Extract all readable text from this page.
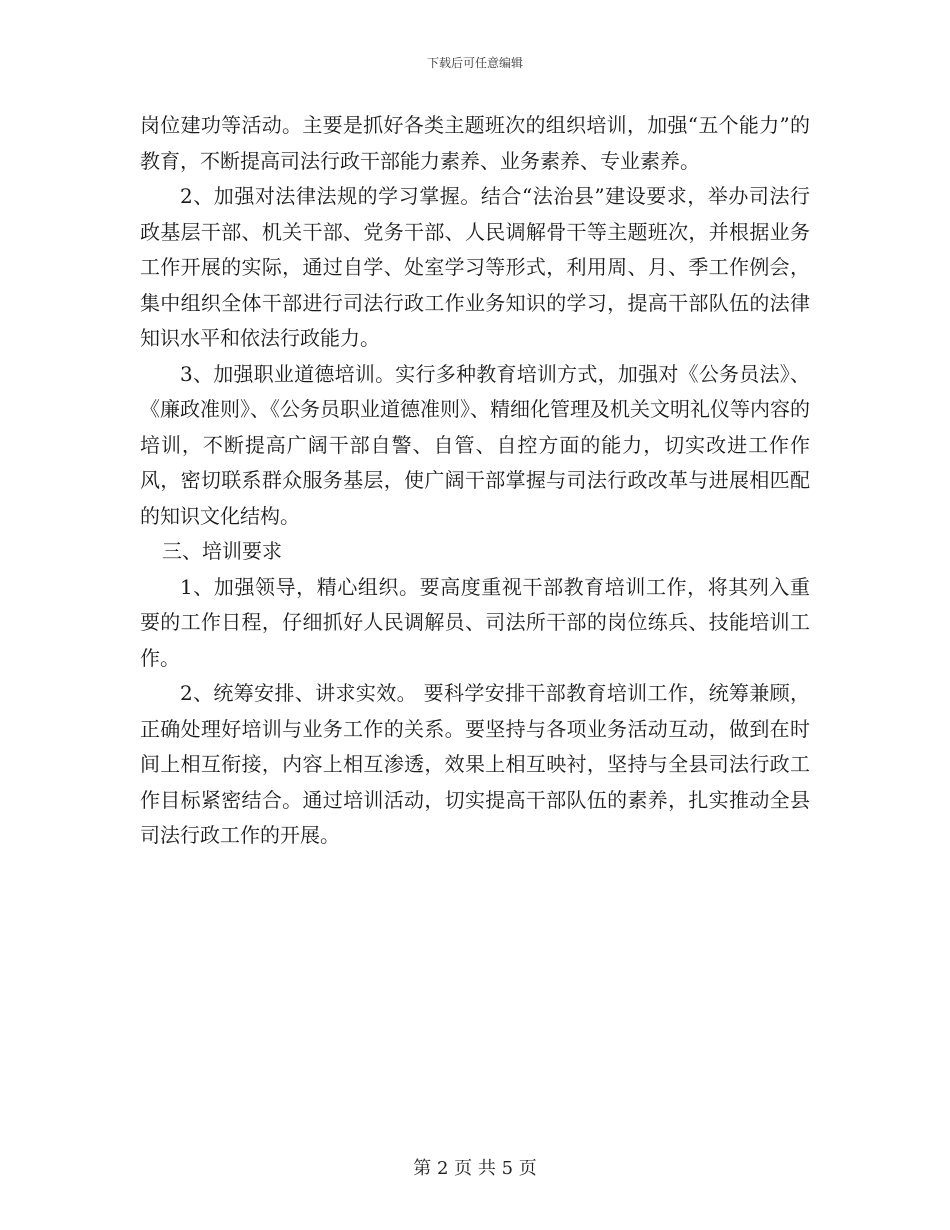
下载后可任意编辑

岗位建功等活动。主要是抓好各类主题班次的组织培训，加强“五个能力”的教育，不断提高司法行政干部能力素养、业务素养、专业素养。

2、加强对法律法规的学习掌握。结合“法治县”建设要求，举办司法行政基层干部、机关干部、党务干部、人民调解骨干等主题班次，并根据业务工作开展的实际，通过自学、处室学习等形式，利用周、月、季工作例会，集中组织全体干部进行司法行政工作业务知识的学习，提高干部队伍的法律知识水平和依法行政能力。

3、加强职业道德培训。实行多种教育培训方式，加强对《公务员法》、《廉政准则》、《公务员职业道德准则》、精细化管理及机关文明礼仪等内容的培训，不断提高广阔干部自警、自管、自控方面的能力，切实改进工作作风，密切联系群众服务基层，使广阔干部掌握与司法行政改革与进展相匹配的知识文化结构。

三、培训要求

1、加强领导，精心组织。要高度重视干部教育培训工作，将其列入重要的工作日程，仔细抓好人民调解员、司法所干部的岗位练兵、技能培训工作。

2、统筹安排、讲求实效。 要科学安排干部教育培训工作，统筹兼顾，正确处理好培训与业务工作的关系。要坚持与各项业务活动互动，做到在时间上相互衔接，内容上相互渗透，效果上相互映衬，坚持与全县司法行政工作目标紧密结合。通过培训活动，切实提高干部队伍的素养，扎实推动全县司法行政工作的开展。

第 2 页 共 5 页
